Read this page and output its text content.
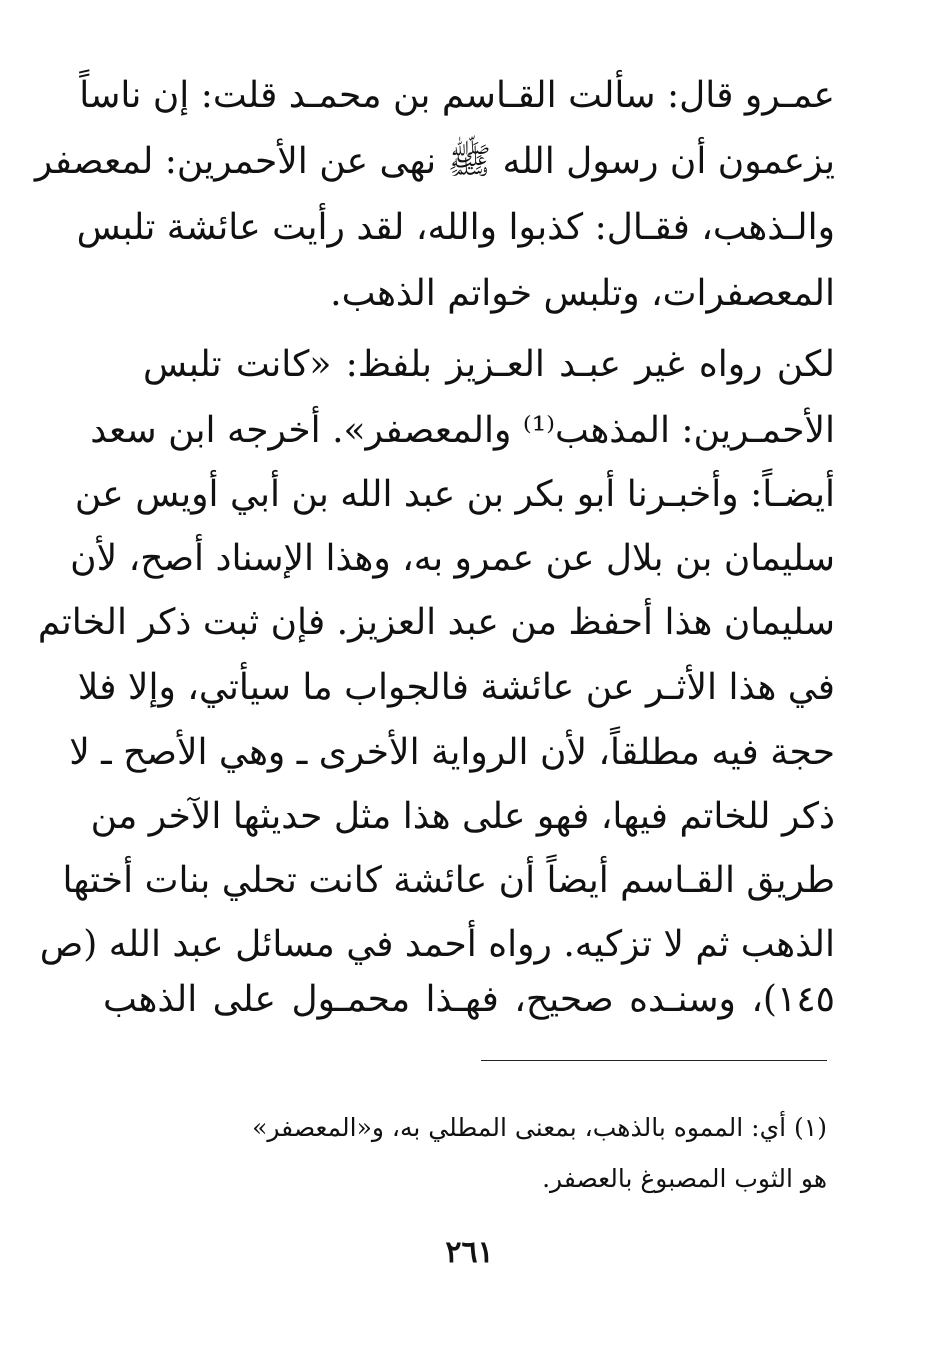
عمـرو قال: سألت القـاسم بن محمـد قلت: إن ناساً
يزعمون أن رسول الله ﷺ نهى عن الأحمرين: لمعصفر
والـذهب، فقـال: كذبوا والله، لقد رأيت عائشة تلبس
المعصفرات، وتلبس خواتم الذهب.
لكن رواه غير عبـد العـزيز بلفظ: «كانت تلبس
الأحمـرين: المذهب⁽¹⁾ والمعصفر». أخرجه ابن سعد
أيضـاً: وأخبـرنا أبو بكر بن عبد الله بن أبي أويس عن
سليمان بن بلال عن عمرو به، وهذا الإسناد أصح، لأن
سليمان هذا أحفظ من عبد العزيز. فإن ثبت ذكر الخاتم
في هذا الأثـر عن عائشة فالجواب ما سيأتي، وإلا فلا
حجة فيه مطلقاً، لأن الرواية الأخرى ـ وهي الأصح ـ لا
ذكر للخاتم فيها، فهو على هذا مثل حديثها الآخر من
طريق القـاسم أيضاً أن عائشة كانت تحلي بنات أختها
الذهب ثم لا تزكيه. رواه أحمد في مسائل عبد الله (ص
١٤٥)، وسنـده صحيح، فهـذا محمـول على الذهب
(١) أي: المموه بالذهب، بمعنى المطلي به، و«المعصفر»
هو الثوب المصبوغ بالعصفر.
٢٦١
